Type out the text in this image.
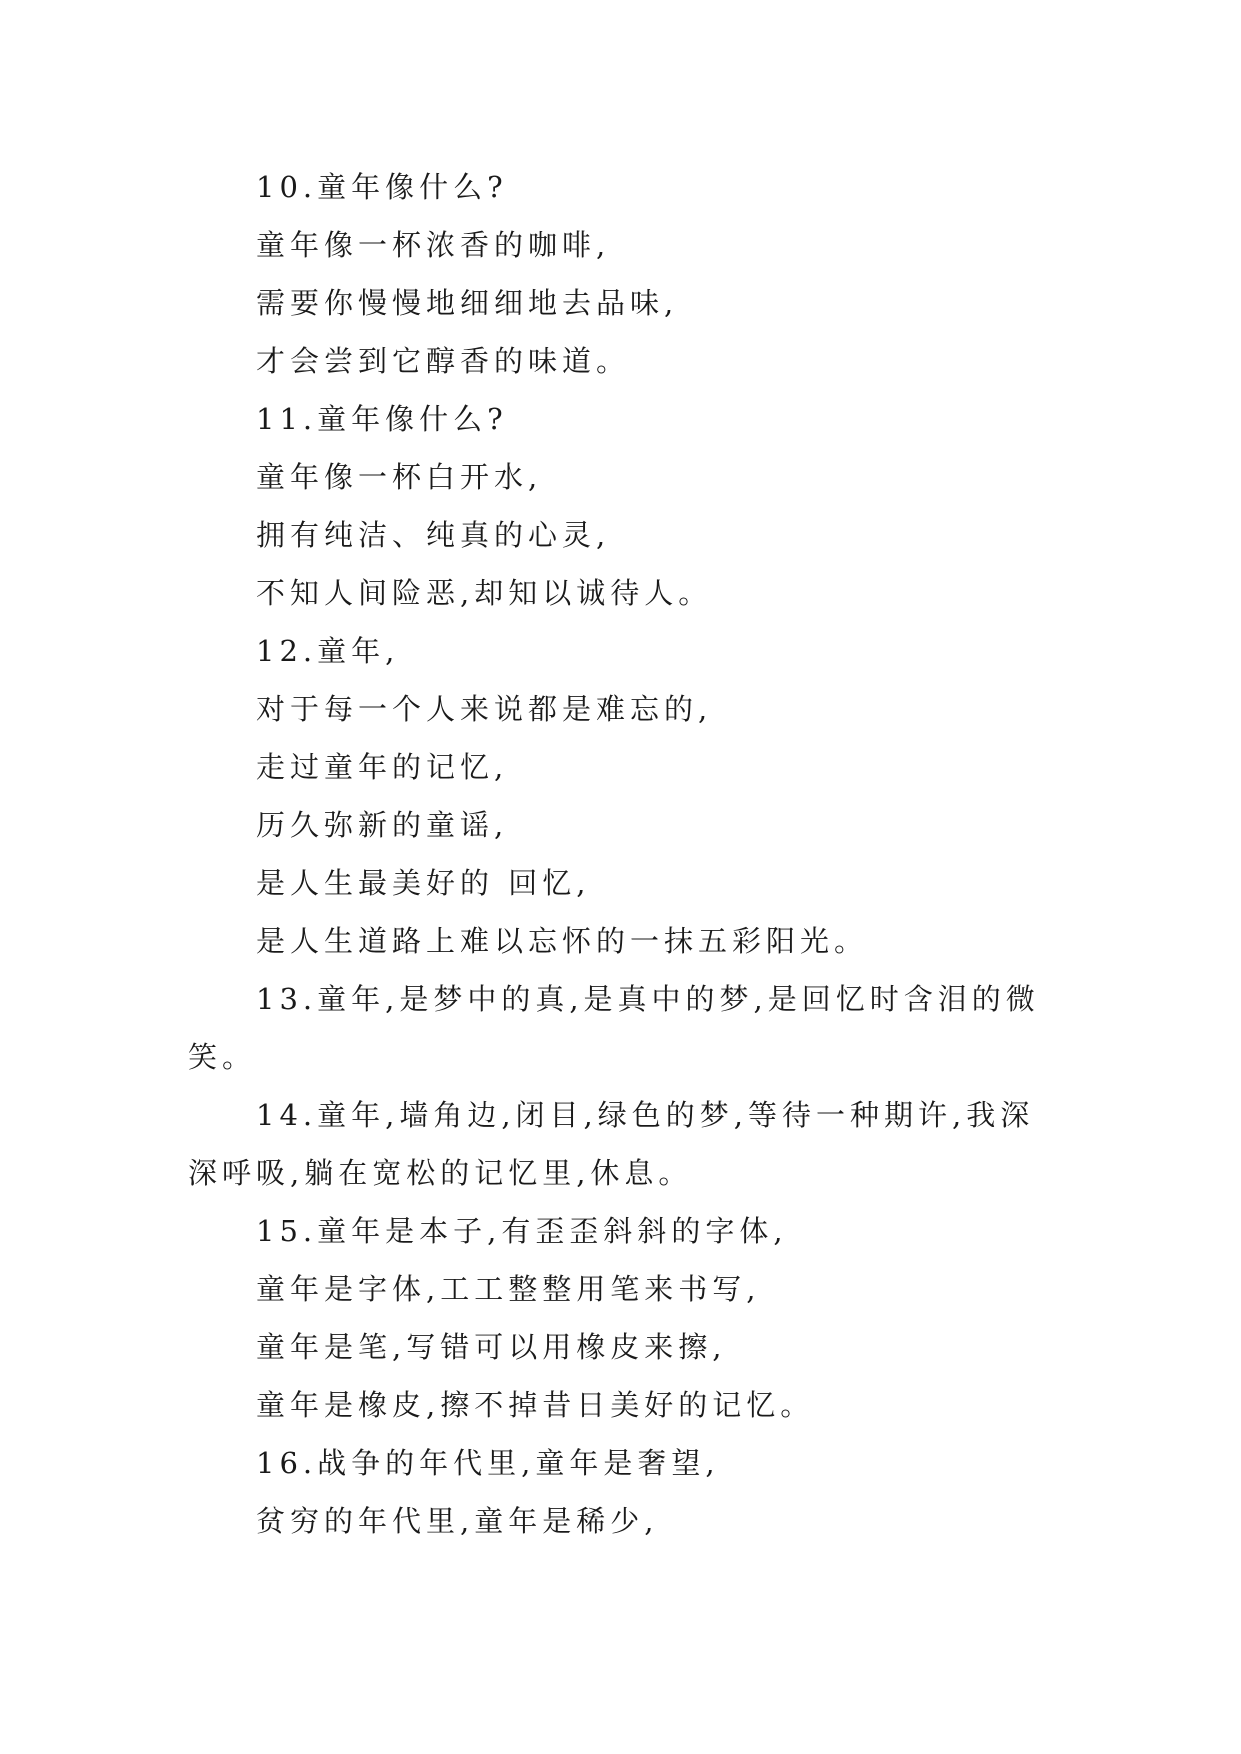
10.童年像什么?

童年像一杯浓香的咖啡,

需要你慢慢地细细地去品味,

才会尝到它醇香的味道。

11.童年像什么?

童年像一杯白开水,

拥有纯洁、纯真的心灵,

不知人间险恶,却知以诚待人。

12.童年,

对于每一个人来说都是难忘的,

走过童年的记忆,

历久弥新的童谣,

是人生最美好的 回忆,

是人生道路上难以忘怀的一抹五彩阳光。

13.童年,是梦中的真,是真中的梦,是回忆时含泪的微笑。

14.童年,墙角边,闭目,绿色的梦,等待一种期许,我深深呼吸,躺在宽松的记忆里,休息。

15.童年是本子,有歪歪斜斜的字体,

童年是字体,工工整整用笔来书写,

童年是笔,写错可以用橡皮来擦,

童年是橡皮,擦不掉昔日美好的记忆。

16.战争的年代里,童年是奢望,

贫穷的年代里,童年是稀少,
